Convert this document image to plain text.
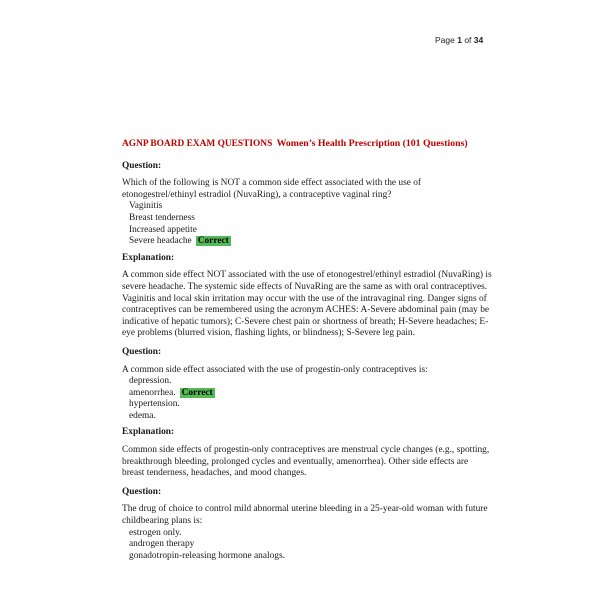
Page 1 of 34
AGNP BOARD EXAM QUESTIONS Women’s Health Prescription (101 Questions)
Question:

Which of the following is NOT a common side effect associated with the use of etonogestrel/ethinyl estradiol (NuvaRing), a contraceptive vaginal ring?

Vaginitis
Breast tenderness
Increased appetite
Severe headache Correct
Explanation:

A common side effect NOT associated with the use of etonogestrel/ethinyl estradiol (NuvaRing) is severe headache. The systemic side effects of NuvaRing are the same as with oral contraceptives. Vaginitis and local skin irritation may occur with the use of the intravaginal ring. Danger signs of contraceptives can be remembered using the acronym ACHES: A-Severe abdominal pain (may be indicative of hepatic tumors); C-Severe chest pain or shortness of breath; H-Severe headaches; E-eye problems (blurred vision, flashing lights, or blindness); S-Severe leg pain.

Question:

A common side effect associated with the use of progestin-only contraceptives is:

depression.
amenorrhea. Correct
hypertension.
edema.
Explanation:

Common side effects of progestin-only contraceptives are menstrual cycle changes (e.g., spotting, breakthrough bleeding, prolonged cycles and eventually, amenorrhea). Other side effects are breast tenderness, headaches, and mood changes.

Question:

The drug of choice to control mild abnormal uterine bleeding in a 25-year-old woman with future childbearing plans is:

estrogen only.
androgen therapy
gonadotropin-releasing hormone analogs.
